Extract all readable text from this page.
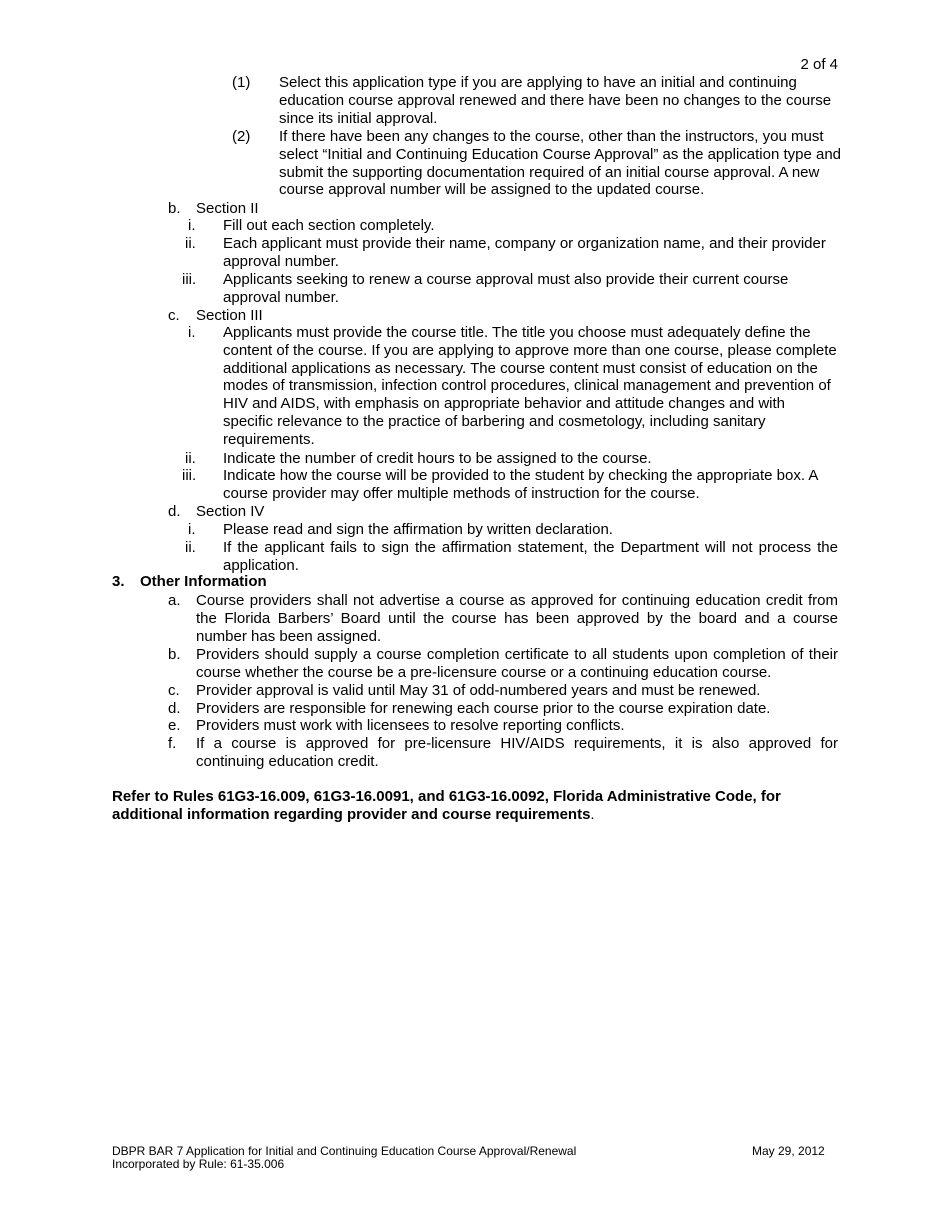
2 of 4
(1) Select this application type if you are applying to have an initial and continuing education course approval renewed and there have been no changes to the course since its initial approval.
(2) If there have been any changes to the course, other than the instructors, you must select “Initial and Continuing Education Course Approval” as the application type and submit the supporting documentation required of an initial course approval. A new course approval number will be assigned to the updated course.
b. Section II
i. Fill out each section completely.
ii. Each applicant must provide their name, company or organization name, and their provider approval number.
iii. Applicants seeking to renew a course approval must also provide their current course approval number.
c. Section III
i. Applicants must provide the course title. The title you choose must adequately define the content of the course. If you are applying to approve more than one course, please complete additional applications as necessary. The course content must consist of education on the modes of transmission, infection control procedures, clinical management and prevention of HIV and AIDS, with emphasis on appropriate behavior and attitude changes and with specific relevance to the practice of barbering and cosmetology, including sanitary requirements.
ii. Indicate the number of credit hours to be assigned to the course.
iii. Indicate how the course will be provided to the student by checking the appropriate box. A course provider may offer multiple methods of instruction for the course.
d. Section IV
i. Please read and sign the affirmation by written declaration.
ii. If the applicant fails to sign the affirmation statement, the Department will not process the application.
3. Other Information
a. Course providers shall not advertise a course as approved for continuing education credit from the Florida Barbers’ Board until the course has been approved by the board and a course number has been assigned.
b. Providers should supply a course completion certificate to all students upon completion of their course whether the course be a pre-licensure course or a continuing education course.
c. Provider approval is valid until May 31 of odd-numbered years and must be renewed.
d. Providers are responsible for renewing each course prior to the course expiration date.
e. Providers must work with licensees to resolve reporting conflicts.
f. If a course is approved for pre-licensure HIV/AIDS requirements, it is also approved for continuing education credit.
Refer to Rules 61G3-16.009, 61G3-16.0091, and 61G3-16.0092, Florida Administrative Code, for additional information regarding provider and course requirements.
DBPR BAR 7 Application for Initial and Continuing Education Course Approval/Renewal
Incorporated by Rule: 61-35.006
May 29, 2012
